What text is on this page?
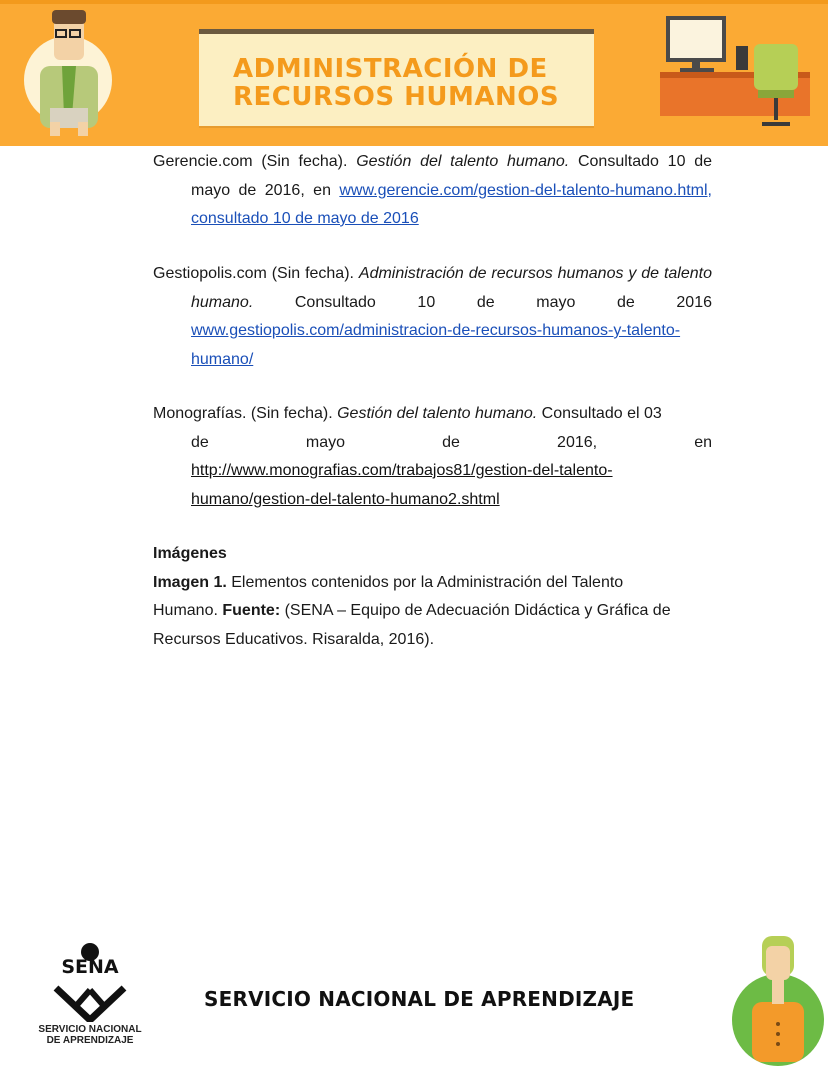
ADMINISTRACIÓN DE
RECURSOS HUMANOS

Gerencie.com (Sin fecha). Gestión del talento humano. Consultado 10 de mayo de 2016, en www.gerencie.com/gestion-del-talento-humano.html, consultado 10 de mayo de 2016

Gestiopolis.com (Sin fecha). Administración de recursos humanos y de talento humano. Consultado 10 de mayo de 2016 www.gestiopolis.com/administracion-de-recursos-humanos-y-talento-humano/

Monografías. (Sin fecha). Gestión del talento humano. Consultado el 03
de	mayo	de	2016,	en
http://www.monografias.com/trabajos81/gestion-del-talento-humano/gestion-del-talento-humano2.shtml
Imágenes
Imagen 1. Elementos contenidos por la Administración del Talento Humano. Fuente: (SENA – Equipo de Adecuación Didáctica y Gráfica de Recursos Educativos. Risaralda, 2016).
SENA
SERVICIO NACIONAL
DE APRENDIZAJE
SERVICIO NACIONAL DE APRENDIZAJE
